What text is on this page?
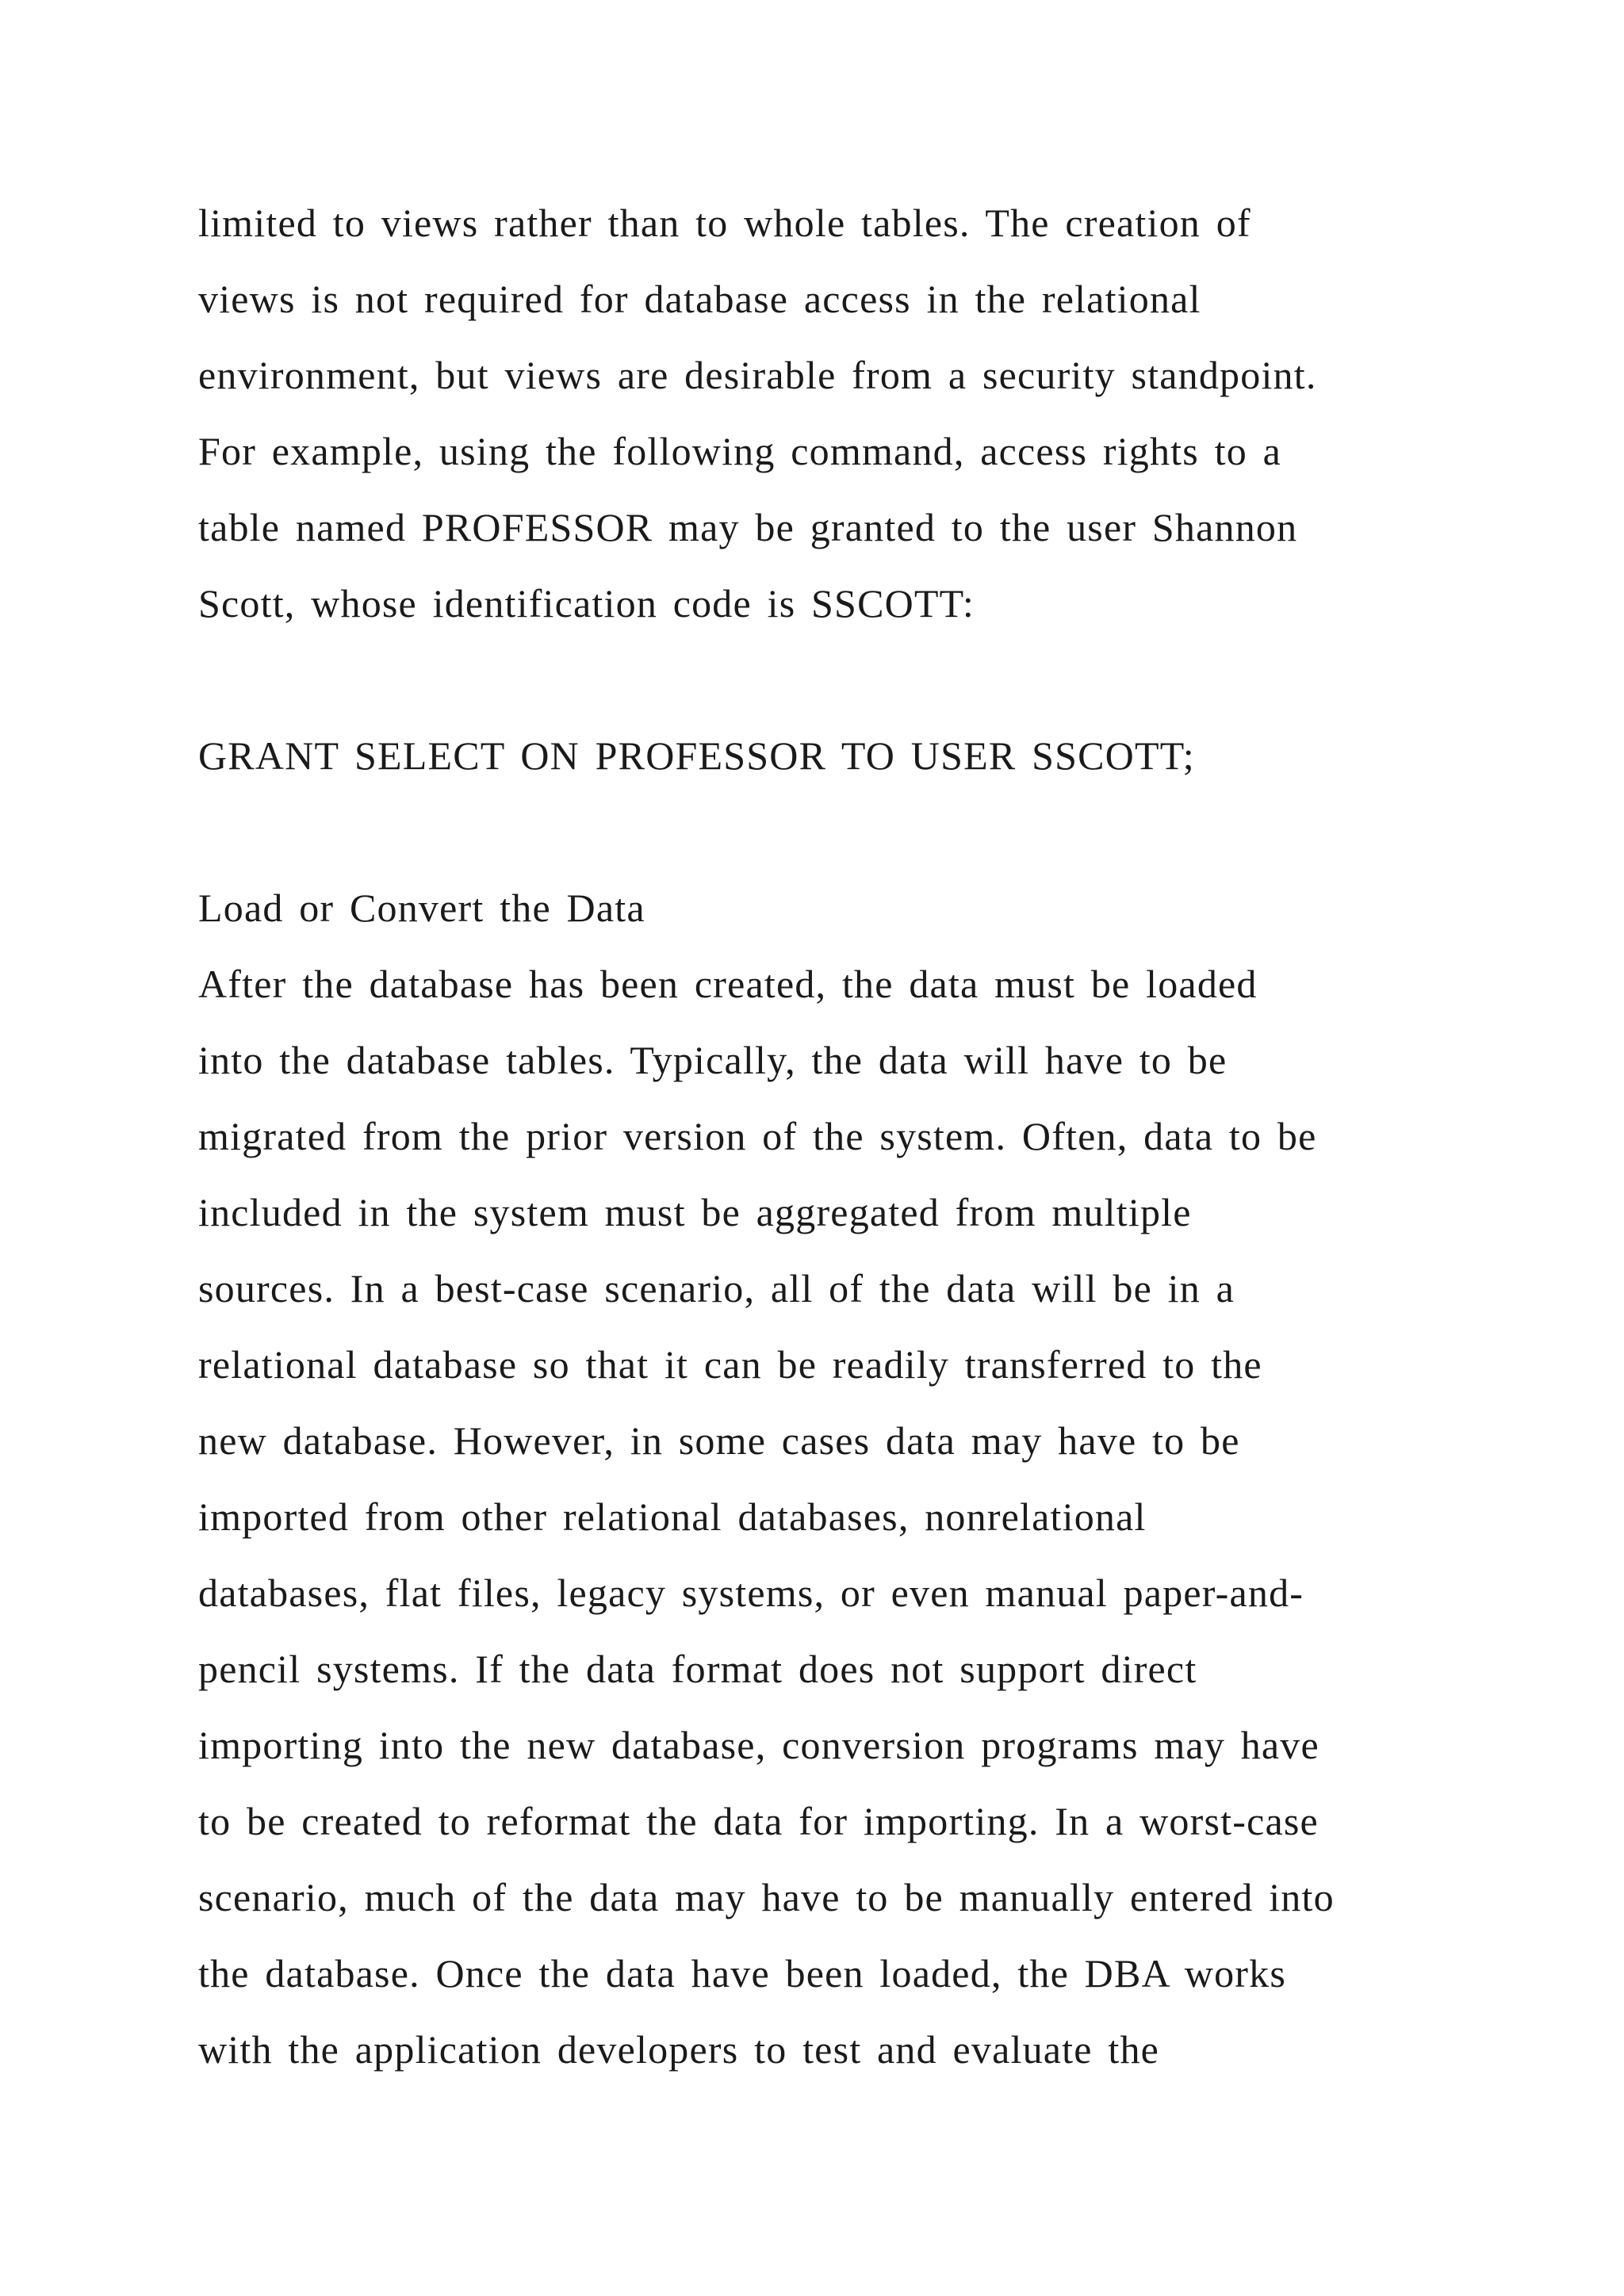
limited to views rather than to whole tables. The creation of
views is not required for database access in the relational
environment, but views are desirable from a security standpoint.
For example, using the following command, access rights to a
table named PROFESSOR may be granted to the user Shannon
Scott, whose identification code is SSCOTT:
GRANT SELECT ON PROFESSOR TO USER SSCOTT;
Load or Convert the Data
After the database has been created, the data must be loaded
into the database tables. Typically, the data will have to be
migrated from the prior version of the system. Often, data to be
included in the system must be aggregated from multiple
sources. In a best-case scenario, all of the data will be in a
relational database so that it can be readily transferred to the
new database. However, in some cases data may have to be
imported from other relational databases, nonrelational
databases, flat files, legacy systems, or even manual paper-and-
pencil systems. If the data format does not support direct
importing into the new database, conversion programs may have
to be created to reformat the data for importing. In a worst-case
scenario, much of the data may have to be manually entered into
the database. Once the data have been loaded, the DBA works
with the application developers to test and evaluate the
